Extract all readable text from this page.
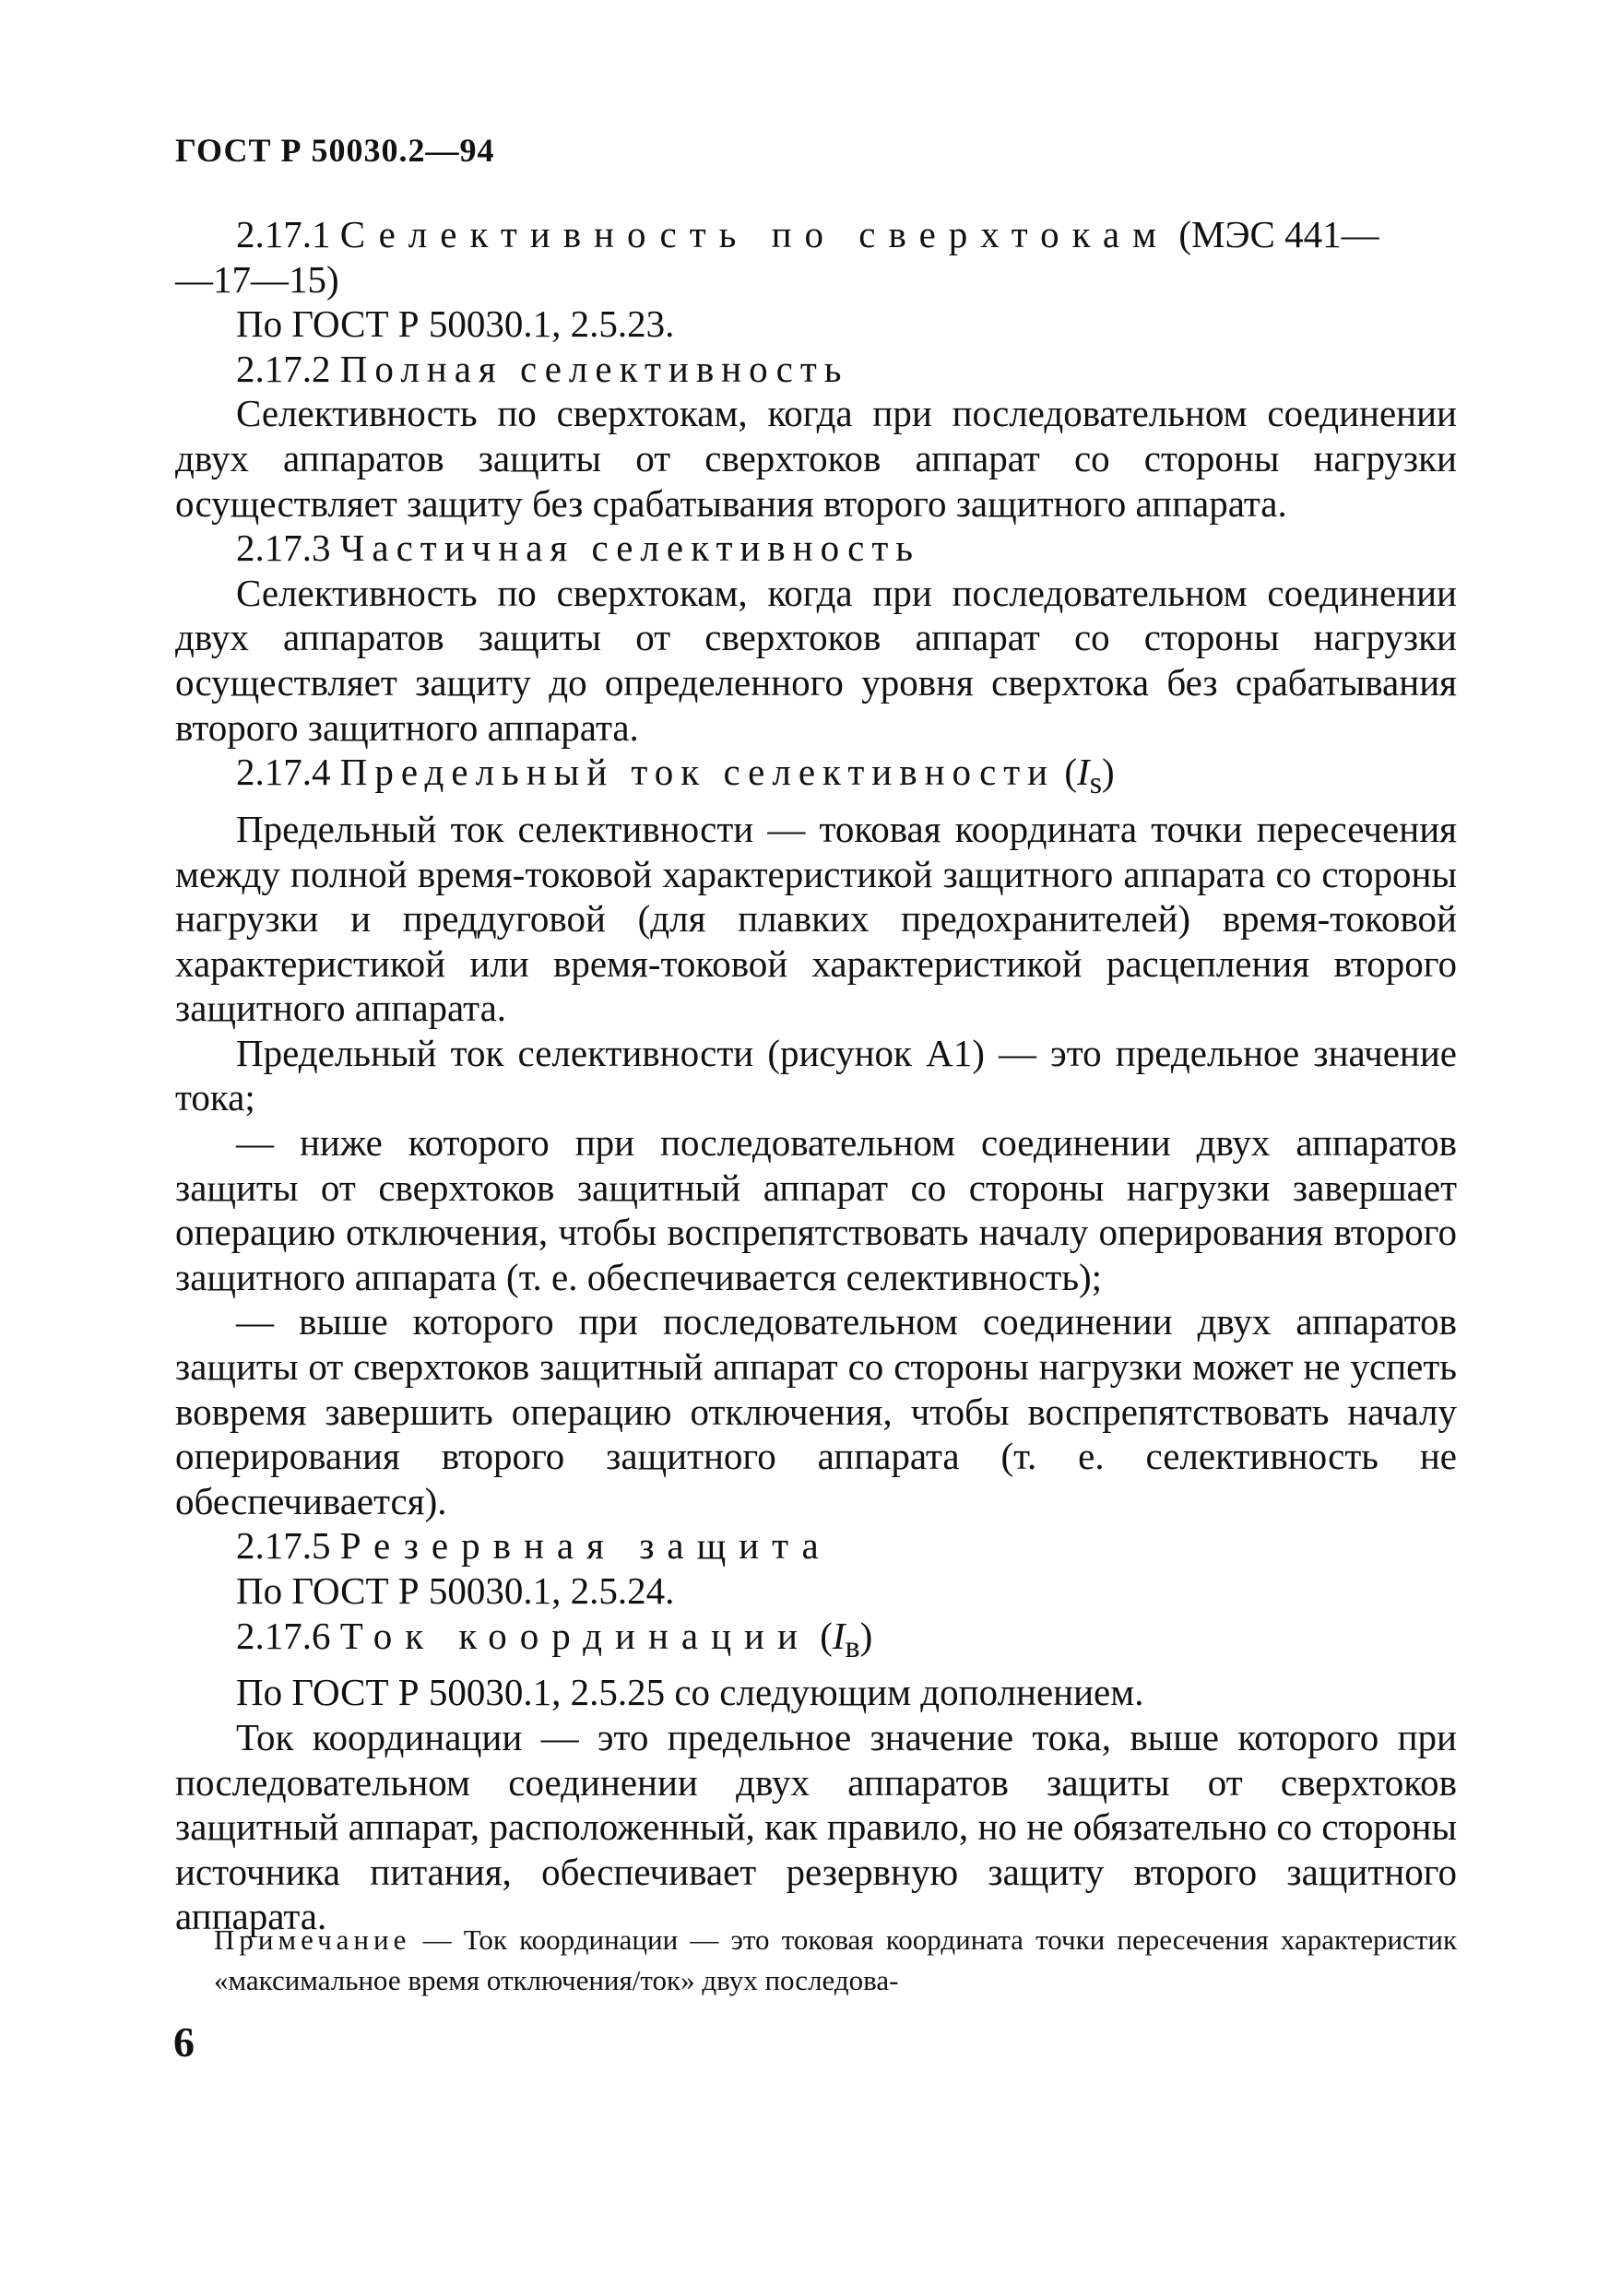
ГОСТ Р 50030.2—94

2.17.1 Селективность по сверхтокам (МЭС 441—

—17—15)

По ГОСТ Р 50030.1, 2.5.23.

2.17.2 Полная селективность

Селективность по сверхтокам, когда при последовательном соединении двух аппаратов защиты от сверхтоков аппарат со стороны нагрузки осуществляет защиту без срабатывания второго защитного аппарата.

2.17.3 Частичная селективность

Селективность по сверхтокам, когда при последовательном соединении двух аппаратов защиты от сверхтоков аппарат со стороны нагрузки осуществляет защиту до определенного уровня сверхтока без срабатывания второго защитного аппарата.

2.17.4 Предельный ток селективности $(I_s)$

Предельный ток селективности — токовая координата точки пересечения между полной время-токовой характеристикой защитного аппарата со стороны нагрузки и преддуговой (для плавких предохранителей) время-токовой характеристикой или время-токовой характеристикой расцепления второго защитного аппарата.

Предельный ток селективности (рисунок А1) — это предельное значение тока;

— ниже которого при последовательном соединении двух аппаратов защиты от сверхтоков защитный аппарат со стороны нагрузки завершает операцию отключения, чтобы воспрепятствовать началу оперирования второго защитного аппарата (т. е. обеспечивается селективность);

— выше которого при последовательном соединении двух аппаратов защиты от сверхтоков защитный аппарат со стороны нагрузки может не успеть вовремя завершить операцию отключения, чтобы воспрепятствовать началу оперирования второго защитного аппарата (т. е. селективность не обеспечивается).

2.17.5 Резервная защита

По ГОСТ Р 50030.1, 2.5.24.

2.17.6 Ток координации $(I_в)$

По ГОСТ Р 50030.1, 2.5.25 со следующим дополнением.

Ток координации — это предельное значение тока, выше которого при последовательном соединении двух аппаратов защиты от сверхтоков защитный аппарат, расположенный, как правило, но не обязательно со стороны источника питания, обеспечивает резервную защиту второго защитного аппарата.

Примечание — Ток координации — это токовая координата точки пересечения характеристик «максимальное время отключения/ток» двух последова-

6
